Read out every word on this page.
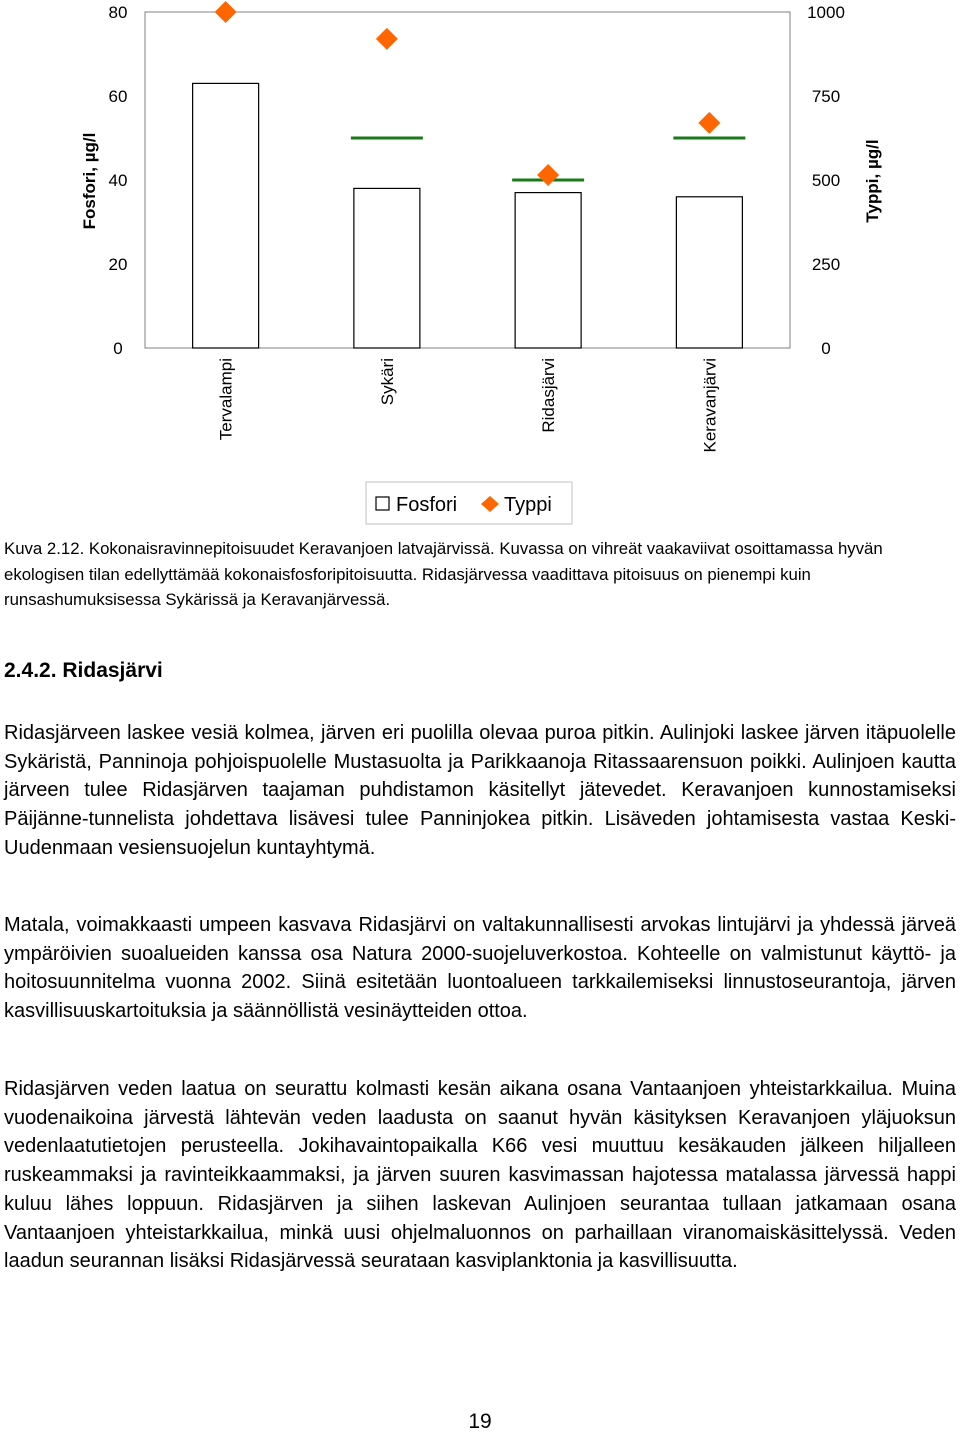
80
60
40
20
0
1000
750
500
250
0
Fosfori, µg/l	Typpi, µg/l
Tervalampi	Sykäri	Ridasjärvi	Keravanjärvi
Fosfori Typpi

Kuva 2.12. Kokonaisravinnepitoisuudet Keravanjoen latvajärvissä. Kuvassa on vihreät vaakaviivat osoittamassa hyvän ekologisen tilan edellyttämää kokonaisfosforipitoisuutta. Ridasjärvessa vaadittava pitoisuus on pienempi kuin runsashumuksisessa Sykärissä ja Keravanjärvessä.

2.4.2. Ridasjärvi

Ridasjärveen laskee vesiä kolmea, järven eri puolilla olevaa puroa pitkin. Aulinjoki laskee järven itäpuolelle Sykäristä, Panninoja pohjoispuolelle Mustasuolta ja Parikkaanoja Ritassaarensuon poikki. Aulinjoen kautta järveen tulee Ridasjärven taajaman puhdistamon käsitellyt jätevedet. Keravanjoen kunnostamiseksi Päijänne-tunnelista johdettava lisävesi tulee Panninjokea pitkin. Lisäveden johtamisesta vastaa Keski-Uudenmaan vesiensuojelun kuntayhtymä.

Matala, voimakkaasti umpeen kasvava Ridasjärvi on valtakunnallisesti arvokas lintujärvi ja yhdessä järveä ympäröivien suoalueiden kanssa osa Natura 2000-suojeluverkostoa. Kohteelle on valmistunut käyttö- ja hoitosuunnitelma vuonna 2002. Siinä esitetään luontoalueen tarkkailemiseksi linnustoseurantoja, järven kasvillisuuskartoituksia ja säännöllistä vesinäytteiden ottoa.

Ridasjärven veden laatua on seurattu kolmasti kesän aikana osana Vantaanjoen yhteistarkkailua. Muina vuodenaikoina järvestä lähtevän veden laadusta on saanut hyvän käsityksen Keravanjoen yläjuoksun vedenlaatutietojen perusteella. Jokihavaintopaikalla K66 vesi muuttuu kesäkauden jälkeen hiljalleen ruskeammaksi ja ravinteikkaammaksi, ja järven suuren kasvimassan hajotessa matalassa järvessä happi kuluu lähes loppuun. Ridasjärven ja siihen laskevan Aulinjoen seurantaa tullaan jatkamaan osana Vantaanjoen yhteistarkkailua, minkä uusi ohjelmaluonnos on parhaillaan viranomaiskäsittelyssä. Veden laadun seurannan lisäksi Ridasjärvessä seurataan kasviplanktonia ja kasvillisuutta.

19
